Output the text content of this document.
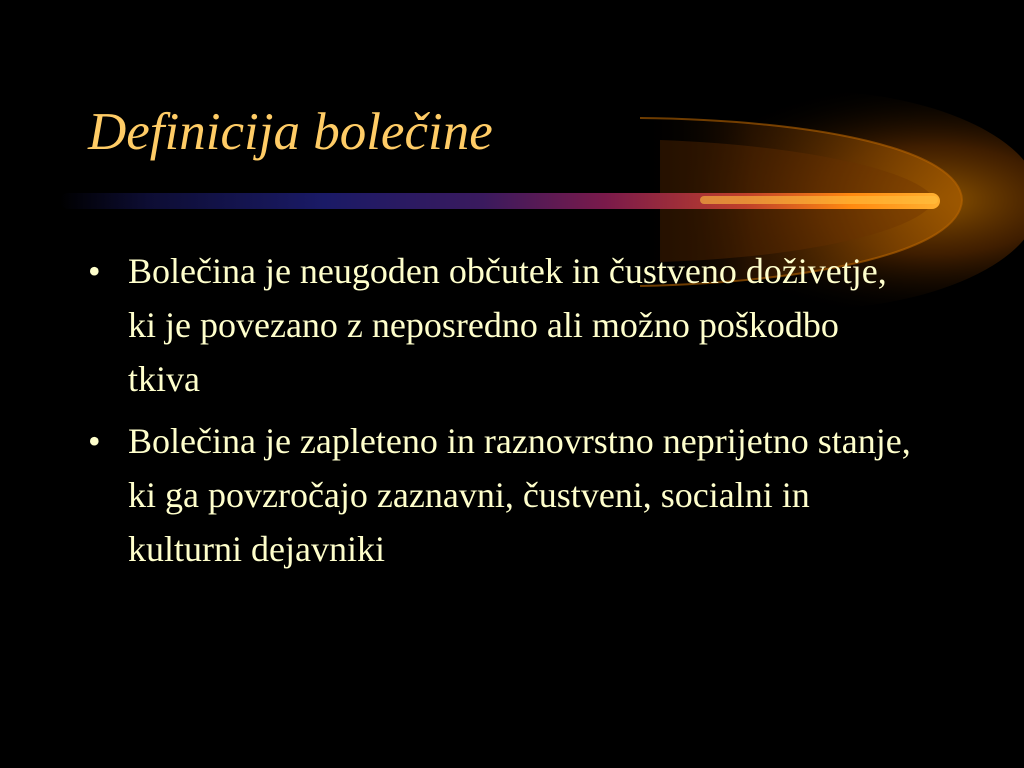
Definicija bolečine
• Bolečina je neugoden občutek in čustveno doživetje, ki je povezano z neposredno ali možno poškodbo tkiva
• Bolečina je zapleteno in raznovrstno neprijetno stanje, ki ga povzročajo zaznavni, čustveni, socialni in kulturni dejavniki
